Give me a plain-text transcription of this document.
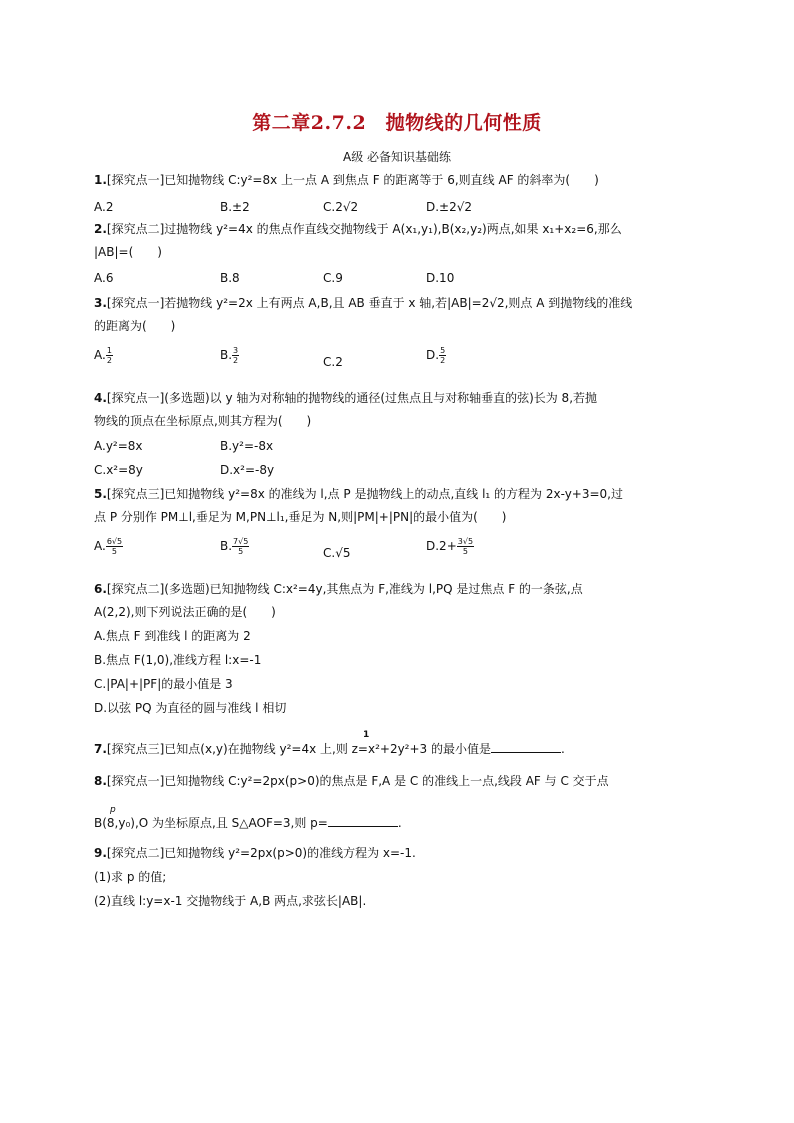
第二章2.7.2　抛物线的几何性质
A级 必备知识基础练
1.[探究点一]已知抛物线 C:y²=8x 上一点 A 到焦点 F 的距离等于 6,则直线 AF 的斜率为(　　)
A.2	B.±2	C.2√2	D.±2√2
2.[探究点二]过抛物线 y²=4x 的焦点作直线交抛物线于 A(x₁,y₁),B(x₂,y₂)两点,如果 x₁+x₂=6,那么
|AB|=(　　)
A.6	B.8	C.9	D.10
3.[探究点一]若抛物线 y²=2x 上有两点 A,B,且 AB 垂直于 x 轴,若|AB|=2√2,则点 A 到抛物线的准线
的距离为(　　)
A. $\frac{1}{2}$	B. $\frac{3}{2}$	C.2	D. $\frac{5}{2}$
4.[探究点一](多选题)以 y 轴为对称轴的抛物线的通径(过焦点且与对称轴垂直的弦)长为 8,若抛
物线的顶点在坐标原点,则其方程为(　　)
A.y²=8x	B.y²=-8x
C.x²=8y	D.x²=-8y
5.[探究点三]已知抛物线 y²=8x 的准线为 l,点 P 是抛物线上的动点,直线 l₁ 的方程为 2x-y+3=0,过
点 P 分别作 PM⊥l,垂足为 M,PN⊥l₁,垂足为 N,则|PM|+|PN|的最小值为(　　)
A. $\frac{6√5}{5}$	B. $\frac{7√5}{5}$	C.√5	$D.2+ \frac{3√5}{5}$
6.[探究点二](多选题)已知抛物线 C:x²=4y,其焦点为 F,准线为 l,PQ 是过焦点 F 的一条弦,点
A(2,2),则下列说法正确的是(　　)
A.焦点 F 到准线 l 的距离为 2
B.焦点 F(1,0),准线方程 l:x=-1
C.|PA|+|PF|的最小值是 3
D.以弦 PQ 为直径的圆与准线 l 相切
1
7.[探究点三]已知点(x,y)在抛物线 y²=4x 上,则 z=x²+2y²+3 的最小值是	.
8.[探究点一]已知抛物线 C:y²=2px(p>0)的焦点是 F,A 是 C 的准线上一点,线段 AF 与 C 交于点
p
B(8,y₀),O 为坐标原点,且 S△AOF=3,则 p=	.
9.[探究点二]已知抛物线 y²=2px(p>0)的准线方程为 x=-1.
(1)求 p 的值;
(2)直线 l:y=x-1 交抛物线于 A,B 两点,求弦长|AB|.
